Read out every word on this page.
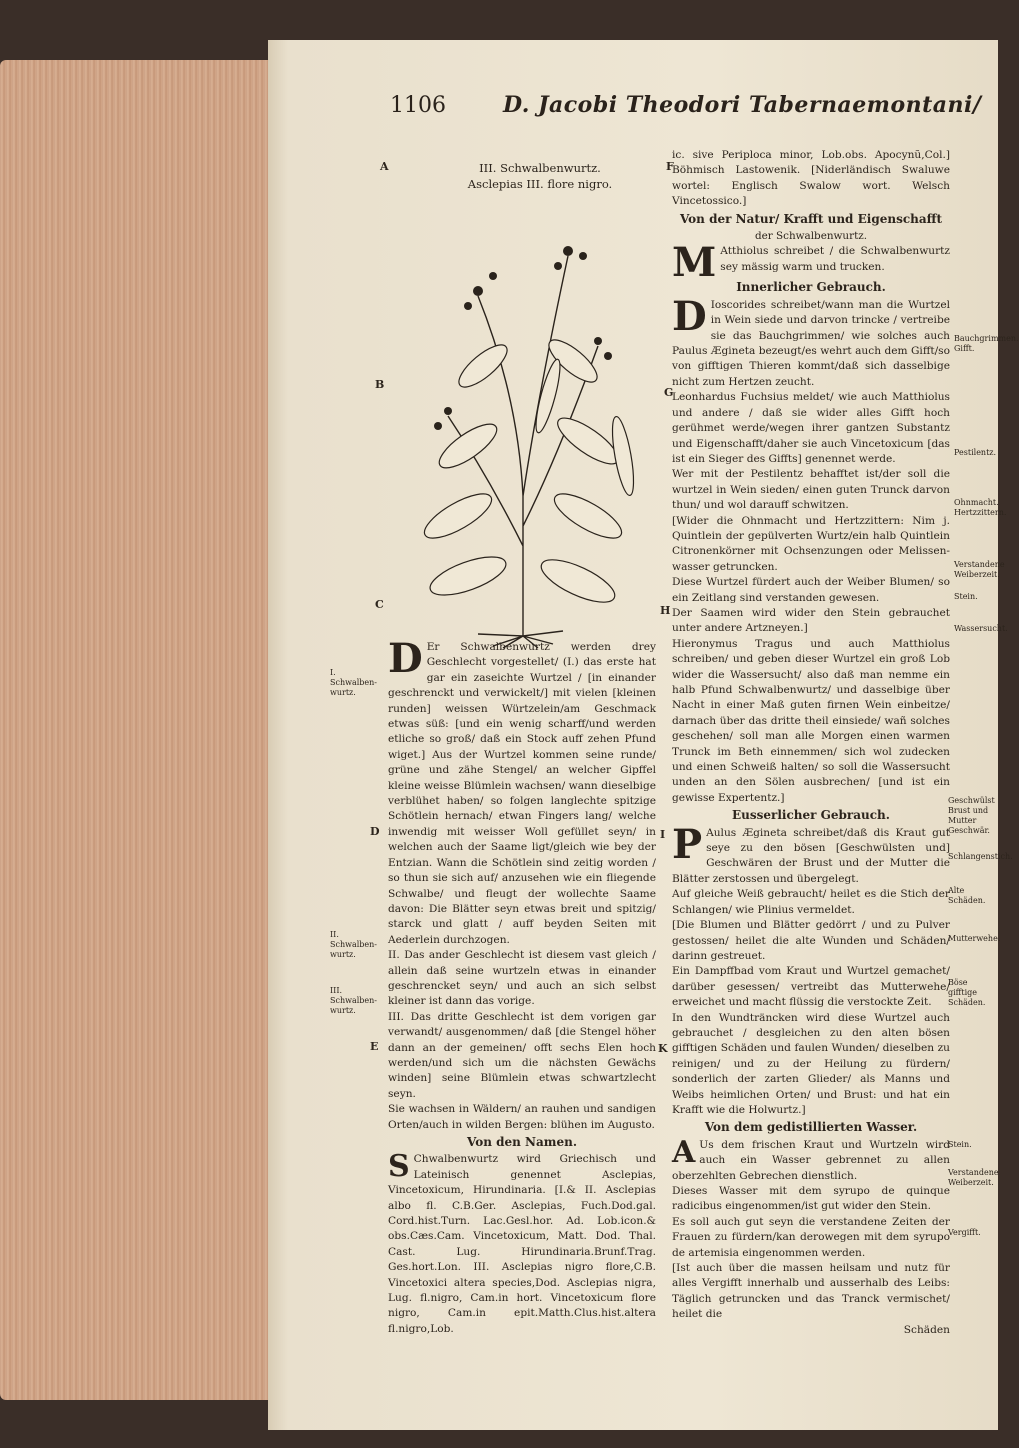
1106	D. Jacobi Theodori Tabernaemontani/
III. Schwalbenwurtz.
Asclepias III. flore nigro.
A
B
C
D
E
F
G
H
I
K
I. Schwalben-wurtz.
II. Schwalben-wurtz.
III. Schwalben-wurtz.

D Er Schwalbenwurtz werden drey Geschlecht vorgestellet/ (I.) das erste hat gar ein zaseichte Wurtzel / [in einander geschrenckt und verwickelt/] mit vielen [kleinen runden] weissen Würtzelein/am Geschmack etwas süß: [und ein wenig scharff/und werden etliche so groß/ daß ein Stock auff zehen Pfund wiget.] Aus der Wurtzel kommen seine runde/ grüne und zähe Stengel/ an welcher Gipffel kleine weisse Blümlein wachsen/ wann dieselbige verblühet haben/ so folgen langlechte spitzige Schötlein hernach/ etwan Fingers lang/ welche inwendig mit weisser Woll gefüllet seyn/ in welchen auch der Saame ligt/gleich wie bey der Entzian. Wann die Schötlein sind zeitig worden / so thun sie sich auf/ anzusehen wie ein fliegende Schwalbe/ und fleugt der wollechte Saame davon: Die Blätter seyn etwas breit und spitzig/ starck und glatt / auff beyden Seiten mit Aederlein durchzogen.

II. Das ander Geschlecht ist diesem vast gleich / allein daß seine wurtzeln etwas in einander geschrencket seyn/ und auch an sich selbst kleiner ist dann das vorige.

III. Das dritte Geschlecht ist dem vorigen gar verwandt/ ausgenommen/ daß [die Stengel höher dann an der gemeinen/ offt sechs Elen hoch werden/und sich um die nächsten Gewächs winden] seine Blümlein etwas schwartzlecht seyn.

Sie wachsen in Wäldern/ an rauhen und sandigen Orten/auch in wilden Bergen: blühen im Augusto.

Von den Namen.

S Chwalbenwurtz wird Griechisch und Lateinisch genennet Asclepias, Vincetoxicum, Hirundinaria. [I.& II. Asclepias albo fl. C.B.Ger. Asclepias, Fuch.Dod.gal. Cord.hist.Turn. Lac.Gesl.hor. Ad. Lob.icon.& obs.Cæs.Cam. Vincetoxicum, Matt. Dod. Thal. Cast. Lug. Hirundinaria.Brunf.Trag. Ges.hort.Lon. III. Asclepias nigro flore,C.B. Vincetoxici altera species,Dod. Asclepias nigra, Lug. fl.nigro, Cam.in hort. Vincetoxicum flore nigro, Cam.in epit.Matth.Clus.hist.altera fl.nigro,Lob.

ic. sive Periploca minor, Lob.obs. Apocynũ,Col.] Böhmisch Lastowenik. [Niderländisch Swaluwe wortel: Englisch Swalow wort. Welsch Vincetossico.]

Von der Natur/ Krafft und Eigenschafft
der Schwalbenwurtz.

M Atthiolus schreibet / die Schwalbenwurtz sey mässig warm und trucken.

Innerlicher Gebrauch.

D Ioscorides schreibet/wann man die Wurtzel in Wein siede und darvon trincke / vertreibe sie das Bauchgrimmen/ wie solches auch Paulus Ægineta bezeugt/es wehrt auch dem Gifft/so von gifftigen Thieren kommt/daß sich dasselbige nicht zum Hertzen zeucht.

Leonhardus Fuchsius meldet/ wie auch Matthiolus und andere / daß sie wider alles Gifft hoch gerühmet werde/wegen ihrer gantzen Substantz und Eigenschafft/daher sie auch Vincetoxicum [das ist ein Sieger des Giffts] genennet werde.

Wer mit der Pestilentz behafftet ist/der soll die wurtzel in Wein sieden/ einen guten Trunck darvon thun/ und wol darauff schwitzen.

[Wider die Ohnmacht und Hertzzittern: Nim j. Quintlein der gepülverten Wurtz/ein halb Quintlein Citronenkörner mit Ochsenzungen oder Melissen-wasser getruncken.

Diese Wurtzel fürdert auch der Weiber Blumen/ so ein Zeitlang sind verstanden gewesen.

Der Saamen wird wider den Stein gebrauchet unter andere Artzneyen.]

Hieronymus Tragus und auch Matthiolus schreiben/ und geben dieser Wurtzel ein groß Lob wider die Wassersucht/ also daß man nemme ein halb Pfund Schwalbenwurtz/ und dasselbige über Nacht in einer Maß guten firnen Wein einbeitze/ darnach über das dritte theil einsiede/ wañ solches geschehen/ soll man alle Morgen einen warmen Trunck im Beth einnemmen/ sich wol zudecken und einen Schweiß halten/ so soll die Wassersucht unden an den Sölen ausbrechen/ [und ist ein gewisse Expertentz.]

Eusserlicher Gebrauch.

P Aulus Ægineta schreibet/daß dis Kraut gut seye zu den bösen [Geschwülsten und] Geschwären der Brust und der Mutter die Blätter zerstossen und übergelegt.

Auf gleiche Weiß gebraucht/ heilet es die Stich der Schlangen/ wie Plinius vermeldet.

[Die Blumen und Blätter gedörrt / und zu Pulver gestossen/ heilet die alte Wunden und Schäden/ darinn gestreuet.

Ein Dampffbad vom Kraut und Wurtzel gemachet/ darüber gesessen/ vertreibt das Mutterwehe/ erweichet und macht flüssig die verstockte Zeit.

In den Wundträncken wird diese Wurtzel auch gebrauchet / desgleichen zu den alten bösen gifftigen Schäden und faulen Wunden/ dieselben zu reinigen/ und zu der Heilung zu fürdern/ sonderlich der zarten Glieder/ als Manns und Weibs heimlichen Orten/ und Brust: und hat ein Krafft wie die Holwurtz.]

Von dem gedistillierten Wasser.

A Us dem frischen Kraut und Wurtzeln wird auch ein Wasser gebrennet zu allen oberzehlten Gebrechen dienstlich.

Dieses Wasser mit dem syrupo de quinque radicibus eingenommen/ist gut wider den Stein.

Es soll auch gut seyn die verstandene Zeiten der Frauen zu fürdern/kan derowegen mit dem syrupo de artemisia eingenommen werden.

[Ist auch über die massen heilsam und nutz für alles Vergifft innerhalb und ausserhalb des Leibs: Täglich getruncken und das Tranck vermischet/ heilet die

Schäden

Bauchgrimmen. Gifft.
Pestilentz.
Ohnmacht. Hertzzittern.
Verstandene Weiberzeit.
Stein.
Wassersucht.
Geschwülst Brust und Mutter Geschwär.
Schlangenstich.
Alte Schäden.
Mutterwehe.
Böse gifftige Schäden.
Stein.
Verstandene Weiberzeit.
Vergifft.
